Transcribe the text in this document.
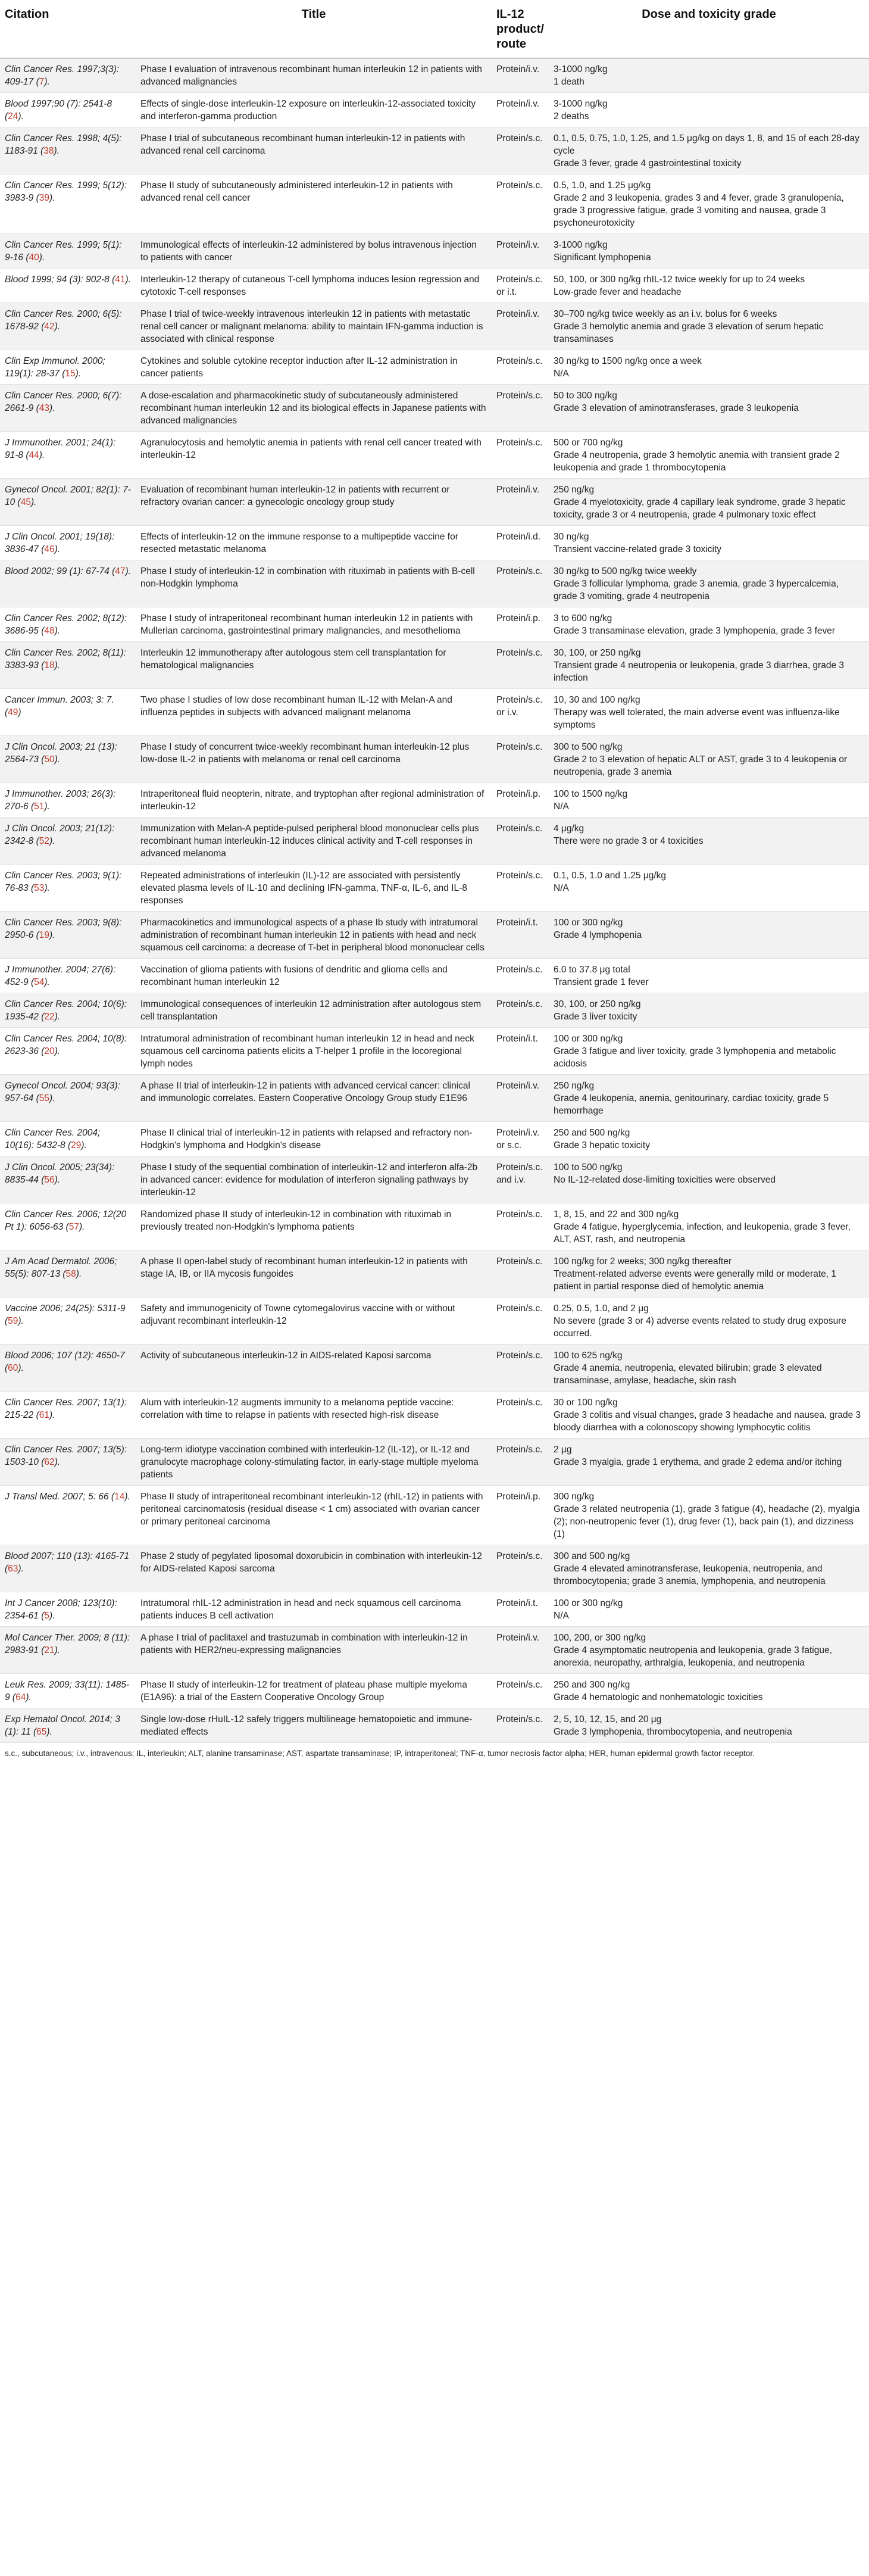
Citation	Title	IL-12 product/ route	Dose and toxicity grade
Clin Cancer Res. 1997;3(3): 409-17 (7).	Phase I evaluation of intravenous recombinant human interleukin 12 in patients with advanced malignancies	Protein/i.v.	3-1000 ng/kg
1 death

Blood 1997;90 (7): 2541-8 (24).	Effects of single-dose interleukin-12 exposure on interleukin-12-associated toxicity and interferon-gamma production	Protein/i.v.	3-1000 ng/kg
2 deaths

Clin Cancer Res. 1998; 4(5): 1183-91 (38).	Phase I trial of subcutaneous recombinant human interleukin-12 in patients with advanced renal cell carcinoma	Protein/s.c.	0.1, 0.5, 0.75, 1.0, 1.25, and 1.5 μg/kg on days 1, 8, and 15 of each 28-day cycle
Grade 3 fever, grade 4 gastrointestinal toxicity

Clin Cancer Res. 1999; 5(12): 3983-9 (39).	Phase II study of subcutaneously administered interleukin-12 in patients with advanced renal cell cancer	Protein/s.c.	0.5, 1.0, and 1.25 μg/kg
Grade 2 and 3 leukopenia, grades 3 and 4 fever, grade 3 granulopenia, grade 3 progressive fatigue, grade 3 vomiting and nausea, grade 3 psychoneurotoxicity

Clin Cancer Res. 1999; 5(1): 9-16 (40).	Immunological effects of interleukin-12 administered by bolus intravenous injection to patients with cancer	Protein/i.v.	3-1000 ng/kg
Significant lymphopenia

Blood 1999; 94 (3): 902-8 (41).	Interleukin-12 therapy of cutaneous T-cell lymphoma induces lesion regression and cytotoxic T-cell responses	Protein/s.c. or i.t.	50, 100, or 300 ng/kg rhIL-12 twice weekly for up to 24 weeks
Low-grade fever and headache

Clin Cancer Res. 2000; 6(5): 1678-92 (42).	Phase I trial of twice-weekly intravenous interleukin 12 in patients with metastatic renal cell cancer or malignant melanoma: ability to maintain IFN-gamma induction is associated with clinical response	Protein/i.v.	30–700 ng/kg twice weekly as an i.v. bolus for 6 weeks
Grade 3 hemolytic anemia and grade 3 elevation of serum hepatic transaminases

Clin Exp Immunol. 2000; 119(1): 28-37 (15).	Cytokines and soluble cytokine receptor induction after IL-12 administration in cancer patients	Protein/s.c.	30 ng/kg to 1500 ng/kg once a week
N/A

Clin Cancer Res. 2000; 6(7): 2661-9 (43).	A dose-escalation and pharmacokinetic study of subcutaneously administered recombinant human interleukin 12 and its biological effects in Japanese patients with advanced malignancies	Protein/s.c.	50 to 300 ng/kg
Grade 3 elevation of aminotransferases, grade 3 leukopenia

J Immunother. 2001; 24(1): 91-8 (44).	Agranulocytosis and hemolytic anemia in patients with renal cell cancer treated with interleukin-12	Protein/s.c.	500 or 700 ng/kg
Grade 4 neutropenia, grade 3 hemolytic anemia with transient grade 2 leukopenia and grade 1 thrombocytopenia

Gynecol Oncol. 2001; 82(1): 7-10 (45).	Evaluation of recombinant human interleukin-12 in patients with recurrent or refractory ovarian cancer: a gynecologic oncology group study	Protein/i.v.	250 ng/kg
Grade 4 myelotoxicity, grade 4 capillary leak syndrome, grade 3 hepatic toxicity, grade 3 or 4 neutropenia, grade 4 pulmonary toxic effect

J Clin Oncol. 2001; 19(18): 3836-47 (46).	Effects of interleukin-12 on the immune response to a multipeptide vaccine for resected metastatic melanoma	Protein/i.d.	30 ng/kg
Transient vaccine-related grade 3 toxicity

Blood 2002; 99 (1): 67-74 (47).	Phase I study of interleukin-12 in combination with rituximab in patients with B-cell non-Hodgkin lymphoma	Protein/s.c.	30 ng/kg to 500 ng/kg twice weekly
Grade 3 follicular lymphoma, grade 3 anemia, grade 3 hypercalcemia, grade 3 vomiting, grade 4 neutropenia

Clin Cancer Res. 2002; 8(12): 3686-95 (48).	Phase I study of intraperitoneal recombinant human interleukin 12 in patients with Mullerian carcinoma, gastrointestinal primary malignancies, and mesothelioma	Protein/i.p.	3 to 600 ng/kg
Grade 3 transaminase elevation, grade 3 lymphopenia, grade 3 fever

Clin Cancer Res. 2002; 8(11): 3383-93 (18).	Interleukin 12 immunotherapy after autologous stem cell transplantation for hematological malignancies	Protein/s.c.	30, 100, or 250 ng/kg
Transient grade 4 neutropenia or leukopenia, grade 3 diarrhea, grade 3 infection

Cancer Immun. 2003; 3: 7. (49)	Two phase I studies of low dose recombinant human IL-12 with Melan-A and influenza peptides in subjects with advanced malignant melanoma	Protein/s.c. or i.v.	10, 30 and 100 ng/kg
Therapy was well tolerated, the main adverse event was influenza-like symptoms

J Clin Oncol. 2003; 21 (13): 2564-73 (50).	Phase I study of concurrent twice-weekly recombinant human interleukin-12 plus low-dose IL-2 in patients with melanoma or renal cell carcinoma	Protein/s.c.	300 to 500 ng/kg
Grade 2 to 3 elevation of hepatic ALT or AST, grade 3 to 4 leukopenia or neutropenia, grade 3 anemia

J Immunother. 2003; 26(3): 270-6 (51).	Intraperitoneal fluid neopterin, nitrate, and tryptophan after regional administration of interleukin-12	Protein/i.p.	100 to 1500 ng/kg
N/A

J Clin Oncol. 2003; 21(12): 2342-8 (52).	Immunization with Melan-A peptide-pulsed peripheral blood mononuclear cells plus recombinant human interleukin-12 induces clinical activity and T-cell responses in advanced melanoma	Protein/s.c.	4 μg/kg
There were no grade 3 or 4 toxicities

Clin Cancer Res. 2003; 9(1): 76-83 (53).	Repeated administrations of interleukin (IL)-12 are associated with persistently elevated plasma levels of IL-10 and declining IFN-gamma, TNF-α, IL-6, and IL-8 responses	Protein/s.c.	0.1, 0.5, 1.0 and 1.25 μg/kg
N/A

Clin Cancer Res. 2003; 9(8): 2950-6 (19).	Pharmacokinetics and immunological aspects of a phase Ib study with intratumoral administration of recombinant human interleukin 12 in patients with head and neck squamous cell carcinoma: a decrease of T-bet in peripheral blood mononuclear cells	Protein/i.t.	100 or 300 ng/kg
Grade 4 lymphopenia

J Immunother. 2004; 27(6): 452-9 (54).	Vaccination of glioma patients with fusions of dendritic and glioma cells and recombinant human interleukin 12	Protein/s.c.	6.0 to 37.8 μg total
Transient grade 1 fever

Clin Cancer Res. 2004; 10(6): 1935-42 (22).	Immunological consequences of interleukin 12 administration after autologous stem cell transplantation	Protein/s.c.	30, 100, or 250 ng/kg
Grade 3 liver toxicity

Clin Cancer Res. 2004; 10(8): 2623-36 (20).	Intratumoral administration of recombinant human interleukin 12 in head and neck squamous cell carcinoma patients elicits a T-helper 1 profile in the locoregional lymph nodes	Protein/i.t.	100 or 300 ng/kg
Grade 3 fatigue and liver toxicity, grade 3 lymphopenia and metabolic acidosis

Gynecol Oncol. 2004; 93(3): 957-64 (55).	A phase II trial of interleukin-12 in patients with advanced cervical cancer: clinical and immunologic correlates. Eastern Cooperative Oncology Group study E1E96	Protein/i.v.	250 ng/kg
Grade 4 leukopenia, anemia, genitourinary, cardiac toxicity, grade 5 hemorrhage

Clin Cancer Res. 2004; 10(16): 5432-8 (29).	Phase II clinical trial of interleukin-12 in patients with relapsed and refractory non-Hodgkin's lymphoma and Hodgkin's disease	Protein/i.v. or s.c.	250 and 500 ng/kg
Grade 3 hepatic toxicity

J Clin Oncol. 2005; 23(34): 8835-44 (56).	Phase I study of the sequential combination of interleukin-12 and interferon alfa-2b in advanced cancer: evidence for modulation of interferon signaling pathways by interleukin-12	Protein/s.c. and i.v.	100 to 500 ng/kg
No IL-12-related dose-limiting toxicities were observed

Clin Cancer Res. 2006; 12(20 Pt 1): 6056-63 (57).	Randomized phase II study of interleukin-12 in combination with rituximab in previously treated non-Hodgkin's lymphoma patients	Protein/s.c.	1, 8, 15, and 22 and 300 ng/kg
Grade 4 fatigue, hyperglycemia, infection, and leukopenia, grade 3 fever, ALT, AST, rash, and neutropenia

J Am Acad Dermatol. 2006; 55(5): 807-13 (58).	A phase II open-label study of recombinant human interleukin-12 in patients with stage IA, IB, or IIA mycosis fungoides	Protein/s.c.	100 ng/kg for 2 weeks; 300 ng/kg thereafter
Treatment-related adverse events were generally mild or moderate, 1 patient in partial response died of hemolytic anemia

Vaccine 2006; 24(25): 5311-9 (59).	Safety and immunogenicity of Towne cytomegalovirus vaccine with or without adjuvant recombinant interleukin-12	Protein/s.c.	0.25, 0.5, 1.0, and 2 μg
No severe (grade 3 or 4) adverse events related to study drug exposure occurred.

Blood 2006; 107 (12): 4650-7 (60).	Activity of subcutaneous interleukin-12 in AIDS-related Kaposi sarcoma	Protein/s.c.	100 to 625 ng/kg
Grade 4 anemia, neutropenia, elevated bilirubin; grade 3 elevated transaminase, amylase, headache, skin rash

Clin Cancer Res. 2007; 13(1): 215-22 (61).	Alum with interleukin-12 augments immunity to a melanoma peptide vaccine: correlation with time to relapse in patients with resected high-risk disease	Protein/s.c.	30 or 100 ng/kg
Grade 3 colitis and visual changes, grade 3 headache and nausea, grade 3 bloody diarrhea with a colonoscopy showing lymphocytic colitis

Clin Cancer Res. 2007; 13(5): 1503-10 (62).	Long-term idiotype vaccination combined with interleukin-12 (IL-12), or IL-12 and granulocyte macrophage colony-stimulating factor, in early-stage multiple myeloma patients	Protein/s.c.	2 μg
Grade 3 myalgia, grade 1 erythema, and grade 2 edema and/or itching

J Transl Med. 2007; 5: 66 (14).	Phase II study of intraperitoneal recombinant interleukin-12 (rhIL-12) in patients with peritoneal carcinomatosis (residual disease < 1 cm) associated with ovarian cancer or primary peritoneal carcinoma	Protein/i.p.	300 ng/kg
Grade 3 related neutropenia (1), grade 3 fatigue (4), headache (2), myalgia (2); non-neutropenic fever (1), drug fever (1), back pain (1), and dizziness (1)

Blood 2007; 110 (13): 4165-71 (63).	Phase 2 study of pegylated liposomal doxorubicin in combination with interleukin-12 for AIDS-related Kaposi sarcoma	Protein/s.c.	300 and 500 ng/kg
Grade 4 elevated aminotransferase, leukopenia, neutropenia, and thrombocytopenia; grade 3 anemia, lymphopenia, and neutropenia

Int J Cancer 2008; 123(10): 2354-61 (5).	Intratumoral rhIL-12 administration in head and neck squamous cell carcinoma patients induces B cell activation	Protein/i.t.	100 or 300 ng/kg
N/A

Mol Cancer Ther. 2009; 8 (11): 2983-91 (21).	A phase I trial of paclitaxel and trastuzumab in combination with interleukin-12 in patients with HER2/neu-expressing malignancies	Protein/i.v.	100, 200, or 300 ng/kg
Grade 4 asymptomatic neutropenia and leukopenia, grade 3 fatigue, anorexia, neuropathy, arthralgia, leukopenia, and neutropenia

Leuk Res. 2009; 33(11): 1485-9 (64).	Phase II study of interleukin-12 for treatment of plateau phase multiple myeloma (E1A96): a trial of the Eastern Cooperative Oncology Group	Protein/s.c.	250 and 300 ng/kg
Grade 4 hematologic and nonhematologic toxicities

Exp Hematol Oncol. 2014; 3 (1): 11 (65).	Single low-dose rHuIL-12 safely triggers multilineage hematopoietic and immune-mediated effects	Protein/s.c.	2, 5, 10, 12, 15, and 20 μg
Grade 3 lymphopenia, thrombocytopenia, and neutropenia
s.c., subcutaneous; i.v., intravenous; IL, interleukin; ALT, alanine transaminase; AST, aspartate transaminase; IP, intraperitoneal; TNF-α, tumor necrosis factor alpha; HER, human epidermal growth factor receptor.
